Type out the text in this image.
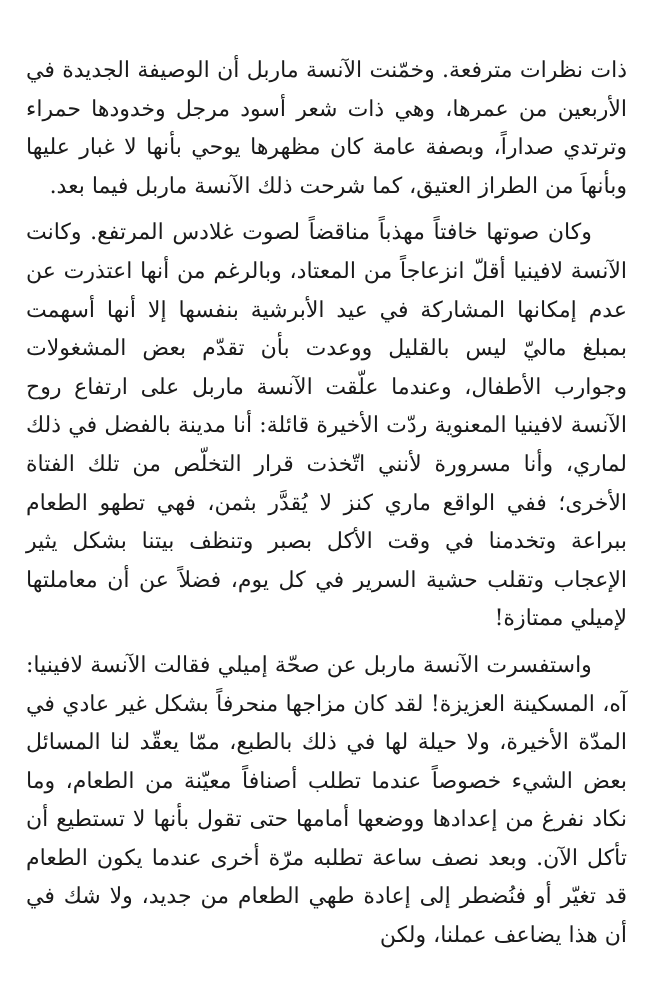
ذات نظرات مترفعة. وخمّنت الآنسة ماربل أن الوصيفة الجديدة في الأربعين من عمرها، وهي ذات شعر أسود مرجل وخدودها حمراء وترتدي صداراً، وبصفة عامة كان مظهرها يوحي بأنها لا غبار عليها وبأنهاَ من الطراز العتيق، كما شرحت ذلك الآنسة ماربل فيما بعد.

وكان صوتها خافتاً مهذباً مناقضاً لصوت غلادس المرتفع. وكانت الآنسة لافينيا أقلّ انزعاجاً من المعتاد، وبالرغم من أنها اعتذرت عن عدم إمكانها المشاركة في عيد الأبرشية بنفسها إلا أنها أسهمت بمبلغ ماليّ ليس بالقليل ووعدت بأن تقدّم بعض المشغولات وجوارب الأطفال، وعندما علّقت الآنسة ماربل على ارتفاع روح الآنسة لافينيا المعنوية ردّت الأخيرة قائلة: أنا مدينة بالفضل في ذلك لماري، وأنا مسرورة لأنني اتّخذت قرار التخلّص من تلك الفتاة الأخرى؛ ففي الواقع ماري كنز لا يُقدَّر بثمن، فهي تطهو الطعام ببراعة وتخدمنا في وقت الأكل بصبر وتنظف بيتنا بشكل يثير الإعجاب وتقلب حشية السرير في كل يوم، فضلاً عن أن معاملتها لإميلي ممتازة!

واستفسرت الآنسة ماربل عن صحّة إميلي فقالت الآنسة لافينيا: آه، المسكينة العزيزة! لقد كان مزاجها منحرفاً بشكل غير عادي في المدّة الأخيرة، ولا حيلة لها في ذلك بالطبع، ممّا يعقّد لنا المسائل بعض الشيء خصوصاً عندما تطلب أصنافاً معيّنة من الطعام، وما نكاد نفرغ من إعدادها ووضعها أمامها حتى تقول بأنها لا تستطيع أن تأكل الآن. وبعد نصف ساعة تطلبه مرّة أخرى عندما يكون الطعام قد تغيّر أو فنُضطر إلى إعادة طهي الطعام من جديد، ولا شك في أن هذا يضاعف عملنا، ولكن
